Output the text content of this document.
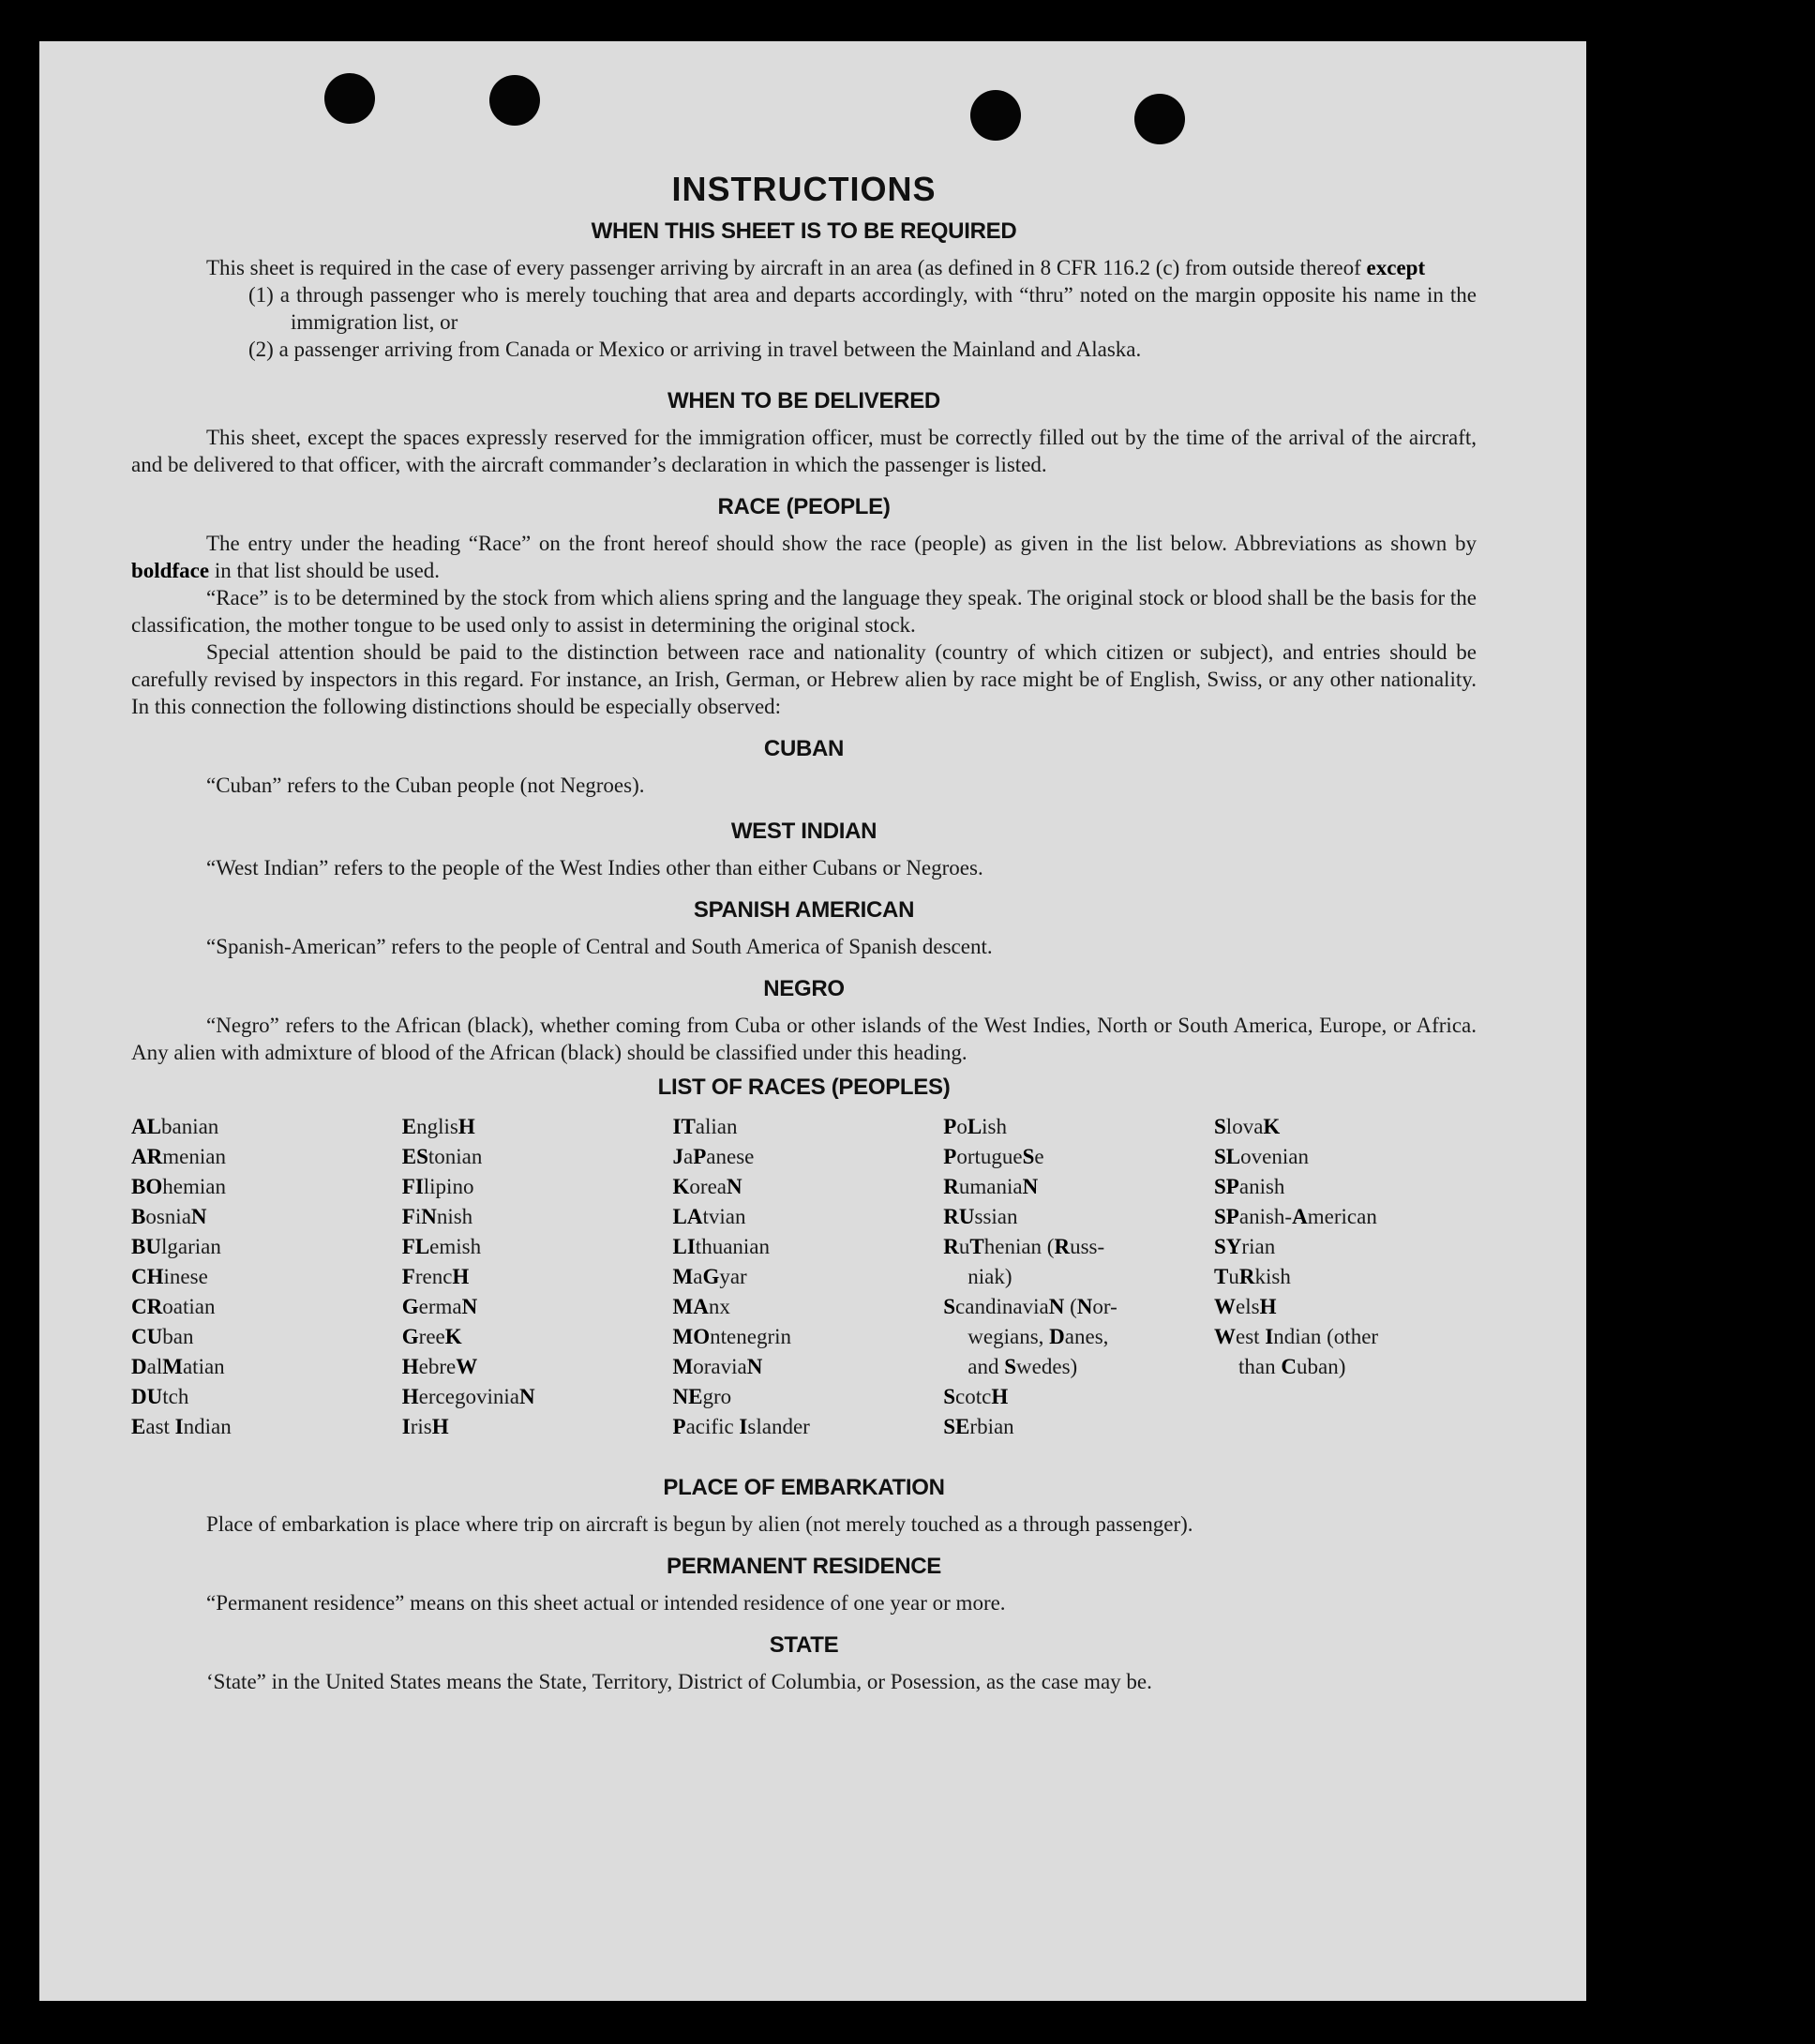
INSTRUCTIONS
WHEN THIS SHEET IS TO BE REQUIRED

This sheet is required in the case of every passenger arriving by aircraft in an area (as defined in 8 CFR 116.2 (c) from outside thereof except

(1) a through passenger who is merely touching that area and departs accordingly, with “thru” noted on the margin opposite his name in the immigration list, or

(2) a passenger arriving from Canada or Mexico or arriving in travel between the Mainland and Alaska.

WHEN TO BE DELIVERED

This sheet, except the spaces expressly reserved for the immigration officer, must be correctly filled out by the time of the arrival of the aircraft, and be delivered to that officer, with the aircraft commander’s declaration in which the passenger is listed.

RACE (PEOPLE)

The entry under the heading “Race” on the front hereof should show the race (people) as given in the list below. Abbreviations as shown by boldface in that list should be used.

“Race” is to be determined by the stock from which aliens spring and the language they speak. The original stock or blood shall be the basis for the classification, the mother tongue to be used only to assist in determining the original stock.

Special attention should be paid to the distinction between race and nationality (country of which citizen or subject), and entries should be carefully revised by inspectors in this regard. For instance, an Irish, German, or Hebrew alien by race might be of English, Swiss, or any other nationality. In this connection the following distinctions should be especially observed:

CUBAN

“Cuban” refers to the Cuban people (not Negroes).

WEST INDIAN

“West Indian” refers to the people of the West Indies other than either Cubans or Negroes.

SPANISH AMERICAN

“Spanish-American” refers to the people of Central and South America of Spanish descent.

NEGRO

“Negro” refers to the African (black), whether coming from Cuba or other islands of the West Indies, North or South America, Europe, or Africa. Any alien with admixture of blood of the African (black) should be classified under this heading.

LIST OF RACES (PEOPLES)
ALbanian
ARmenian
BOhemian
BosniaN
BUlgarian
CHinese
CRoatian
CUban
DalMatian
DUtch
East Indian
EnglisH
EStonian
FIlipino
FiNnish
FLemish
FrencH
GermaN
GreeK
HebreW
HercegoviniaN
IrisH
ITalian
JaPanese
KoreaN
LAtvian
LIthuanian
MaGyar
MAnx
MOntenegrin
MoraviaN
NEgro
Pacific Islander
PoLish
PortugueSe
RumaniaN
RUssian
RuThenian (Russ-
niak)
ScandinaviaN (Nor-
wegians, Danes,
and Swedes)
ScotcH
SErbian
SlovaK
SLovenian
SPanish
SPanish-American
SYrian
TuRkish
WelsH
West Indian (other
than Cuban)
PLACE OF EMBARKATION

Place of embarkation is place where trip on aircraft is begun by alien (not merely touched as a through passenger).

PERMANENT RESIDENCE

“Permanent residence” means on this sheet actual or intended residence of one year or more.

STATE

‘State” in the United States means the State, Territory, District of Columbia, or Posession, as the case may be.
